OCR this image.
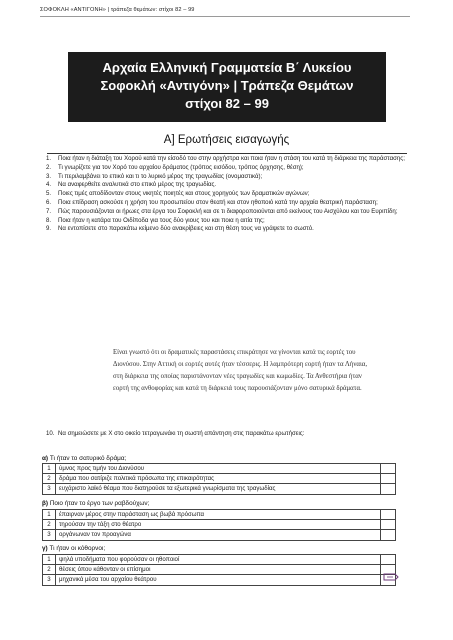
ΣΟΦΟΚΛΗ «ΑΝΤΙΓΟΝΗ» | τράπεζα θεμάτων: στίχοι 82 – 99
Αρχαία Ελληνική Γραμματεία Β΄ Λυκείου
Σοφοκλή «Αντιγόνη» | Τράπεζα Θεμάτων
στίχοι 82 – 99
Α] Ερωτήσεις εισαγωγής
1. Ποια ήταν η διάταξη του Χορού κατά την είσοδό του στην ορχήστρα και ποια ήταν η στάση του κατά τη διάρκεια της παράστασης;
2. Τι γνωρίζετε για τον Χορό του αρχαίου δράματος (τρόπος εισόδου, τρόπος όρχησης, θέση);
3. Τι περιλαμβάνει το επικό και τι το λυρικό μέρος της τραγωδίας (ονομαστικά);
4. Να αναφερθείτε αναλυτικά στο επικό μέρος της τραγωδίας.
5. Ποιες τιμές αποδίδονταν στους νικητές ποιητές και στους χορηγούς των δραματικών αγώνων;
6. Ποια επίδραση ασκούσε η χρήση του προσωπείου στον θεατή και στον ηθοποιό κατά την αρχαία θεατρική παράσταση;
7. Πώς παρουσιάζονται οι ήρωες στα έργα του Σοφοκλή και σε τι διαφοροποιούνται από εκείνους του Αισχύλου και του Ευριπίδη;
8. Ποια ήταν η κατάρα του Οιδίποδα για τους δύο γιους του και ποια η αιτία της;
9. Να εντοπίσετε στο παρακάτω κείμενο δύο ανακρίβειες και στη θέση τους να γράψετε το σωστό.
Είναι γνωστό ότι οι δραματικές παραστάσεις επικράτησε να γίνονται κατά τις εορτές του Διονύσου. Στην Αττική οι εορτές αυτές ήταν τέσσερις. Η λαμπρότερη εορτή ήταν τα Λήναια, στη διάρκεια της οποίας παριστάνονταν νέες τραγωδίες και κωμωδίες. Τα Ανθεστήρια ήταν εορτή της ανθοφορίας και κατά τη διάρκειά τους παρουσιάζονταν μόνο σατυρικά δράματα.
10. Να σημειώσετε με Χ στο οικείο τετραγωνάκι τη σωστή απάντηση στις παρακάτω ερωτήσεις:
α) Τι ήταν το σατυρικό δράμα;
1	ύμνος προς τιμήν του Διονύσου	
2	δράμα που σατίριζε πολιτικά πρόσωπα της επικαιρότητας	
3	ευχάριστο λαϊκό θέαμα που διατηρούσε τα εξωτερικά γνωρίσματα της τραγωδίας	
β) Ποιο ήταν το έργο των ραβδούχων;
1	έπαιρναν μέρος στην παράσταση ως βωβά πρόσωπα	
2	τηρούσαν την τάξη στο θέατρο	
3	οργάνωναν τον προαγώνα	
γ) Τι ήταν οι κόθορνοι;
1	ψηλά υποδήματα που φορούσαν οι ηθοποιοί	
2	θέσεις όπου κάθονταν οι επίσημοι	
3	μηχανικά μέσα του αρχαίου θεάτρου	
